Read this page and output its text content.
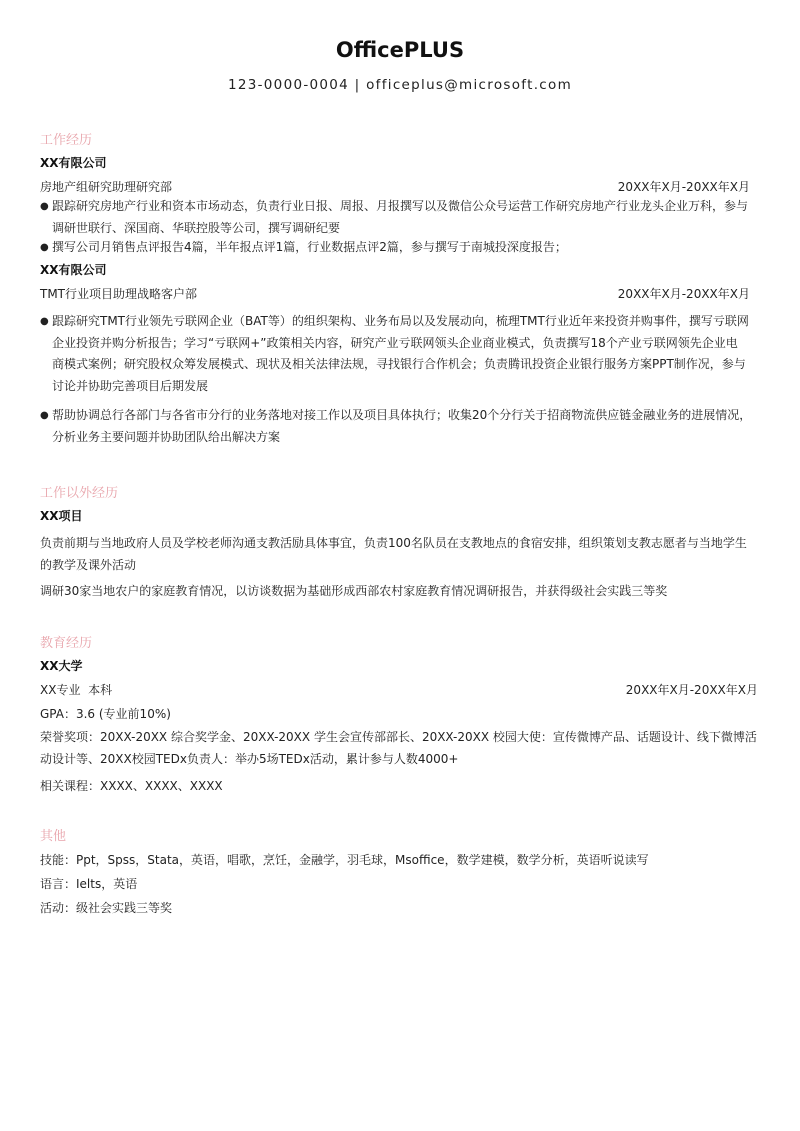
OfficePLUS
123-0000-0004 | officeplus@microsoft.com
工作经历
XX有限公司
房地产组研究助理研究部	20XX年X月-20XX年X月
● 跟踪研究房地产行业和资本市场动态，负责行业日报、周报、月报撰写以及微信公众号运营工作研究房地产行业龙头企业万科，参与
调研世联行、深国商、华联控股等公司，撰写调研纪要
● 撰写公司月销售点评报告4篇，半年报点评1篇，行业数据点评2篇，参与撰写于南城投深度报告；
XX有限公司
TMT行业项目助理战略客户部	20XX年X月-20XX年X月
● 跟踪研究TMT行业领先亏联网企业（BAT等）的组织架构、业务布局以及发展动向，梳理TMT行业近年来投资并购事件，撰写亏联网
企业投资并购分析报告；学习“亏联网+”政策相关内容，研究产业亏联网领头企业商业模式，负责撰写18个产业亏联网领先企业电
商模式案例；研究股权众筹发展模式、现状及相关法律法规，寻找银行合作机会；负责腾讯投资企业银行服务方案PPT制作况，参与
讨论并协助完善项目后期发展
● 帮助协调总行各部门与各省市分行的业务落地对接工作以及项目具体执行；收集20个分行关于招商物流供应链金融业务的进展情况，
分析业务主要问题并协助团队给出解决方案
工作以外经历
XX项目
负责前期与当地政府人员及学校老师沟通支教活励具体事宜，负责100名队员在支教地点的食宿安排，组织策划支教志愿者与当地学生
的教学及课外活动
调研30家当地农户的家庭教育情况，以访谈数据为基础形成西部农村家庭教育情况调研报告，并获得级社会实践三等奖
教育经历
XX大学
XX专业  本科	20XX年X月-20XX年X月
GPA：3.6 (专业前10%)
荣誉奖项：20XX-20XX 综合奖学金、20XX-20XX 学生会宣传部部长、20XX-20XX 校园大使：宣传微博产品、话题设计、线下微博活
动设计等、20XX校园TEDx负责人：举办5场TEDx活动，累计参与人数4000+
相关课程：XXXX、XXXX、XXXX
其他
技能：Ppt，Spss，Stata，英语，唱歌，烹饪，金融学，羽毛球，Msoffice，数学建模，数学分析，英语听说读写
语言：Ielts，英语
活动：级社会实践三等奖
